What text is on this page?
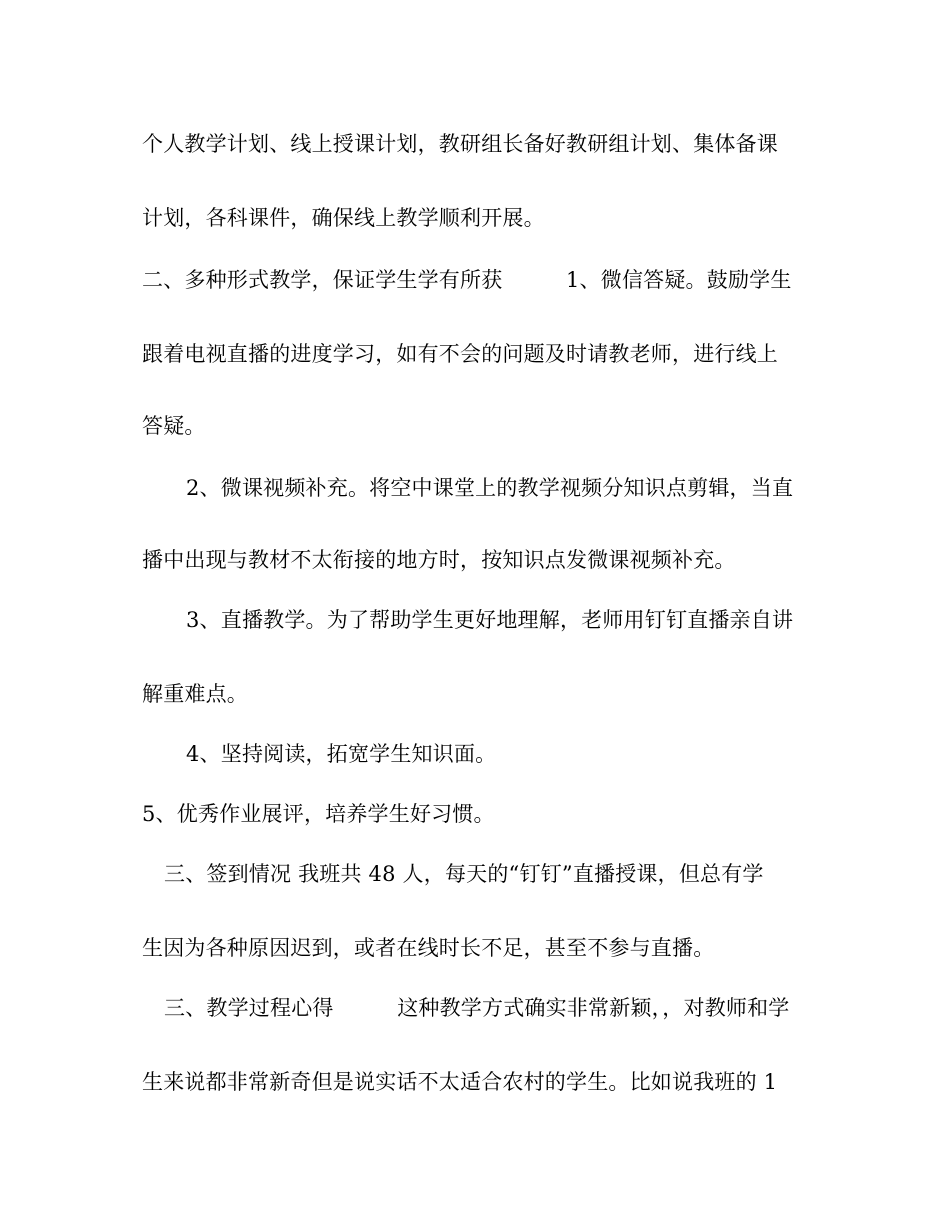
个人教学计划、线上授课计划，教研组长备好教研组计划、集体备课
计划，各科课件，确保线上教学顺利开展。
二、多种形式教学，保证学生学有所获　　　1、微信答疑。鼓励学生
跟着电视直播的进度学习，如有不会的问题及时请教老师，进行线上
答疑。
2、微课视频补充。将空中课堂上的教学视频分知识点剪辑，当直
播中出现与教材不太衔接的地方时，按知识点发微课视频补充。
3、直播教学。为了帮助学生更好地理解，老师用钉钉直播亲自讲
解重难点。
4、坚持阅读，拓宽学生知识面。
5、优秀作业展评，培养学生好习惯。
三、签到情况 我班共 48 人，每天的“钉钉”直播授课，但总有学
生因为各种原因迟到，或者在线时长不足，甚至不参与直播。
三、教学过程心得　　　这种教学方式确实非常新颖，，对教师和学
生来说都非常新奇但是说实话不太适合农村的学生。比如说我班的 1
